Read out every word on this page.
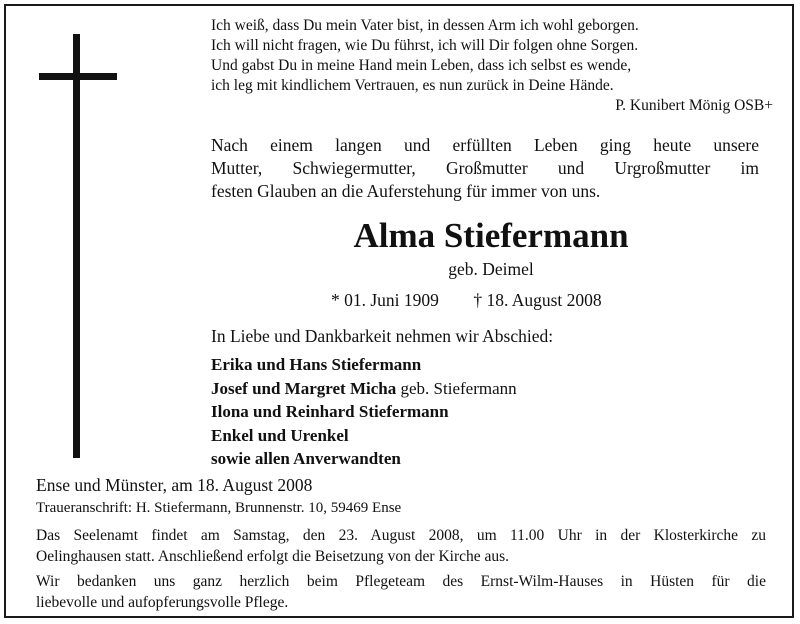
Ich weiß, dass Du mein Vater bist, in dessen Arm ich wohl geborgen.
Ich will nicht fragen, wie Du führst, ich will Dir folgen ohne Sorgen.
Und gabst Du in meine Hand mein Leben, dass ich selbst es wende,
ich leg mit kindlichem Vertrauen, es nun zurück in Deine Hände.
P. Kunibert Mönig OSB+
Nach einem langen und erfüllten Leben ging heute unsere
Mutter, Schwiegermutter, Großmutter und Urgroßmutter im
festen Glauben an die Auferstehung für immer von uns.
Alma Stiefermann
geb. Deimel
* 01. Juni 1909 † 18. August 2008
In Liebe und Dankbarkeit nehmen wir Abschied:
Erika und Hans Stiefermann
Josef und Margret Micha geb. Stiefermann
Ilona und Reinhard Stiefermann
Enkel und Urenkel
sowie allen Anverwandten
Ense und Münster, am 18. August 2008
Traueranschrift: H. Stiefermann, Brunnenstr. 10, 59469 Ense
Das Seelenamt findet am Samstag, den 23. August 2008, um 11.00 Uhr in der Klosterkirche zu
Oelinghausen statt. Anschließend erfolgt die Beisetzung von der Kirche aus.
Wir bedanken uns ganz herzlich beim Pflegeteam des Ernst-Wilm-Hauses in Hüsten für die
liebevolle und aufopferungsvolle Pflege.
